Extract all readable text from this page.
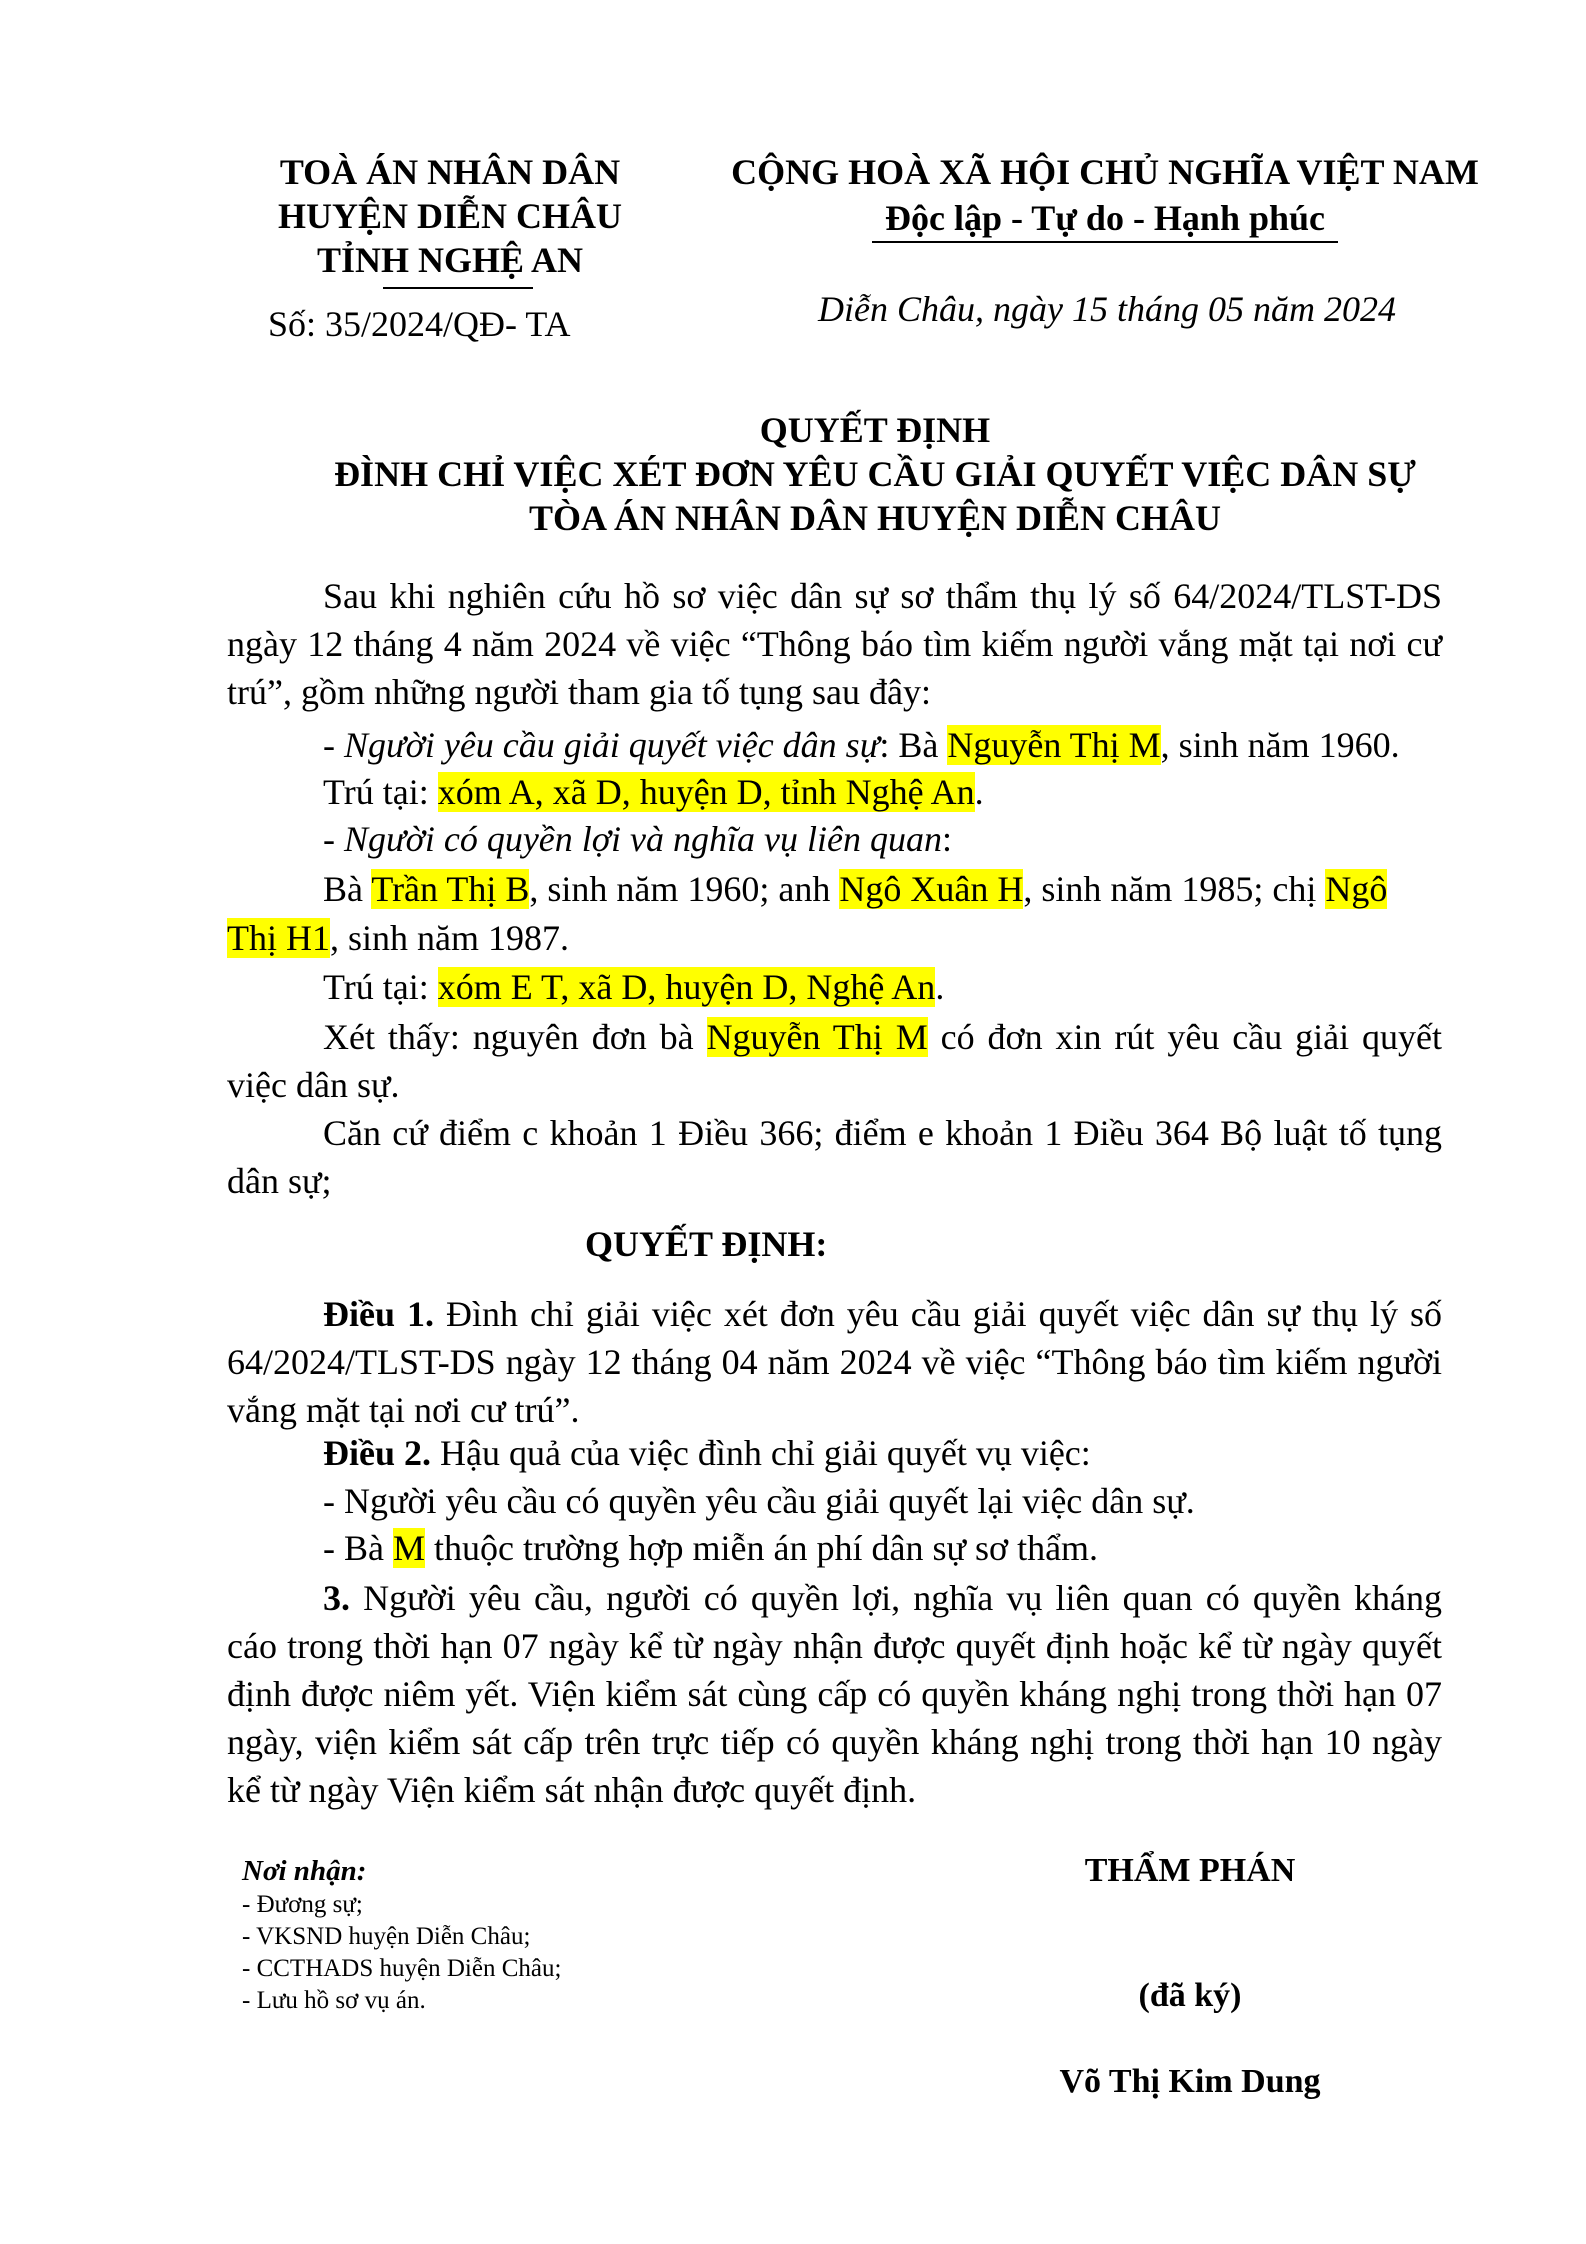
TOÀ ÁN NHÂN DÂN
HUYỆN DIỄN CHÂU
TỈNH NGHỆ AN
Số: 35/2024/QĐ- TA
CỘNG HOÀ XÃ HỘI CHỦ NGHĨA VIỆT NAM
Độc lập - Tự do - Hạnh phúc
Diễn Châu, ngày 15 tháng 05 năm 2024
QUYẾT ĐỊNH
ĐÌNH CHỈ VIỆC XÉT ĐƠN YÊU CẦU GIẢI QUYẾT VIỆC DÂN SỰ
TÒA ÁN NHÂN DÂN HUYỆN DIỄN CHÂU
Sau khi nghiên cứu hồ sơ việc dân sự sơ thẩm thụ lý số 64/2024/TLST-DS ngày 12 tháng 4 năm 2024 về việc “Thông báo tìm kiếm người vắng mặt tại nơi cư trú”, gồm những người tham gia tố tụng sau đây:
- Người yêu cầu giải quyết việc dân sự: Bà Nguyễn Thị M, sinh năm 1960.
Trú tại: xóm A, xã D, huyện D, tỉnh Nghệ An.
- Người có quyền lợi và nghĩa vụ liên quan:
Bà Trần Thị B, sinh năm 1960; anh Ngô Xuân H, sinh năm 1985; chị Ngô
Thị H1, sinh năm 1987.
Trú tại: xóm E T, xã D, huyện D, Nghệ An.
Xét thấy: nguyên đơn bà Nguyễn Thị M có đơn xin rút yêu cầu giải quyết việc dân sự.
Căn cứ điểm c khoản 1 Điều 366; điểm e khoản 1 Điều 364 Bộ luật tố tụng dân sự;
QUYẾT ĐỊNH:
Điều 1. Đình chỉ giải việc xét đơn yêu cầu giải quyết việc dân sự thụ lý số 64/2024/TLST-DS ngày 12 tháng 04 năm 2024 về việc “Thông báo tìm kiếm người vắng mặt tại nơi cư trú”.
Điều 2. Hậu quả của việc đình chỉ giải quyết vụ việc:
- Người yêu cầu có quyền yêu cầu giải quyết lại việc dân sự.
- Bà M thuộc trường hợp miễn án phí dân sự sơ thẩm.
3. Người yêu cầu, người có quyền lợi, nghĩa vụ liên quan có quyền kháng cáo trong thời hạn 07 ngày kể từ ngày nhận được quyết định hoặc kể từ ngày quyết định được niêm yết. Viện kiểm sát cùng cấp có quyền kháng nghị trong thời hạn 07 ngày, viện kiểm sát cấp trên trực tiếp có quyền kháng nghị trong thời hạn 10 ngày kể từ ngày Viện kiểm sát nhận được quyết định.
Nơi nhận:
- Đương sự;
- VKSND huyện Diễn Châu;
- CCTHADS huyện Diễn Châu;
- Lưu hồ sơ vụ án.
THẨM PHÁN
(đã ký)
Võ Thị Kim Dung
